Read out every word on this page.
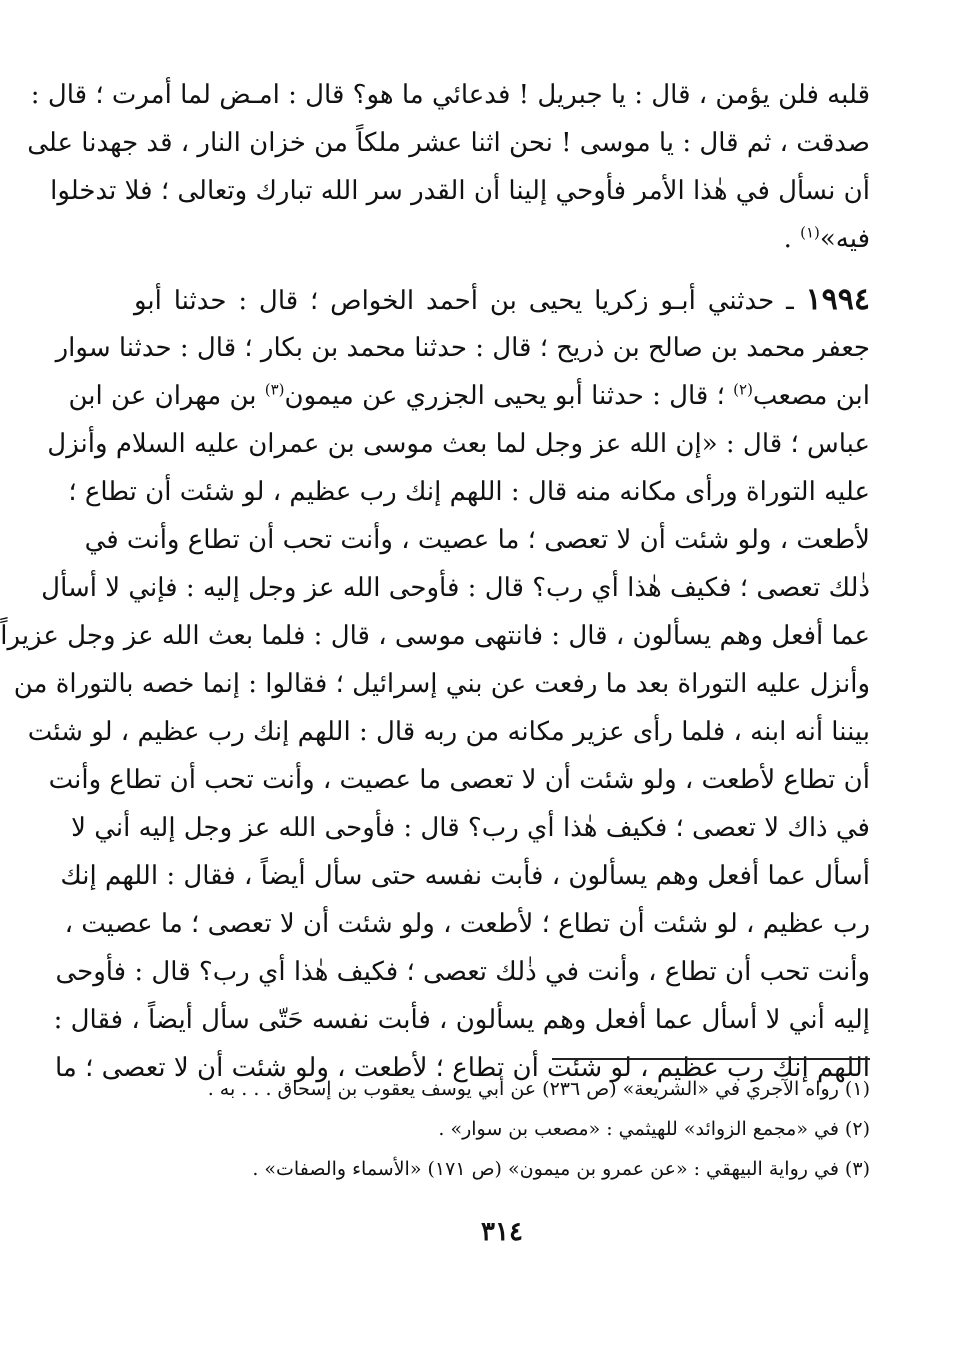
قلبه فلن يؤمن ، قال : يا جبريل ! فدعائي ما هو؟ قال : امـض لما أمرت ؛ قال :
صدقت ، ثم قال : يا موسى ! نحن اثنا عشر ملكاً من خزان النار ، قد جهدنا على
أن نسأل في هٰذا الأمر فأوحي إلينا أن القدر سر الله تبارك وتعالى ؛ فلا تدخلوا
فيه»$^{(١)}$ .
١٩٩٤ ـ حدثني أبـو زكريا يحيى بن أحمد الخواص ؛ قال : حدثنا أبو
جعفر محمد بن صالح بن ذريح ؛ قال : حدثنا محمد بن بكار ؛ قال : حدثنا سوار
ابن مصعب$^{(٢)}$ ؛ قال : حدثنا أبو يحيى الجزري عن ميمون$^{(٣)}$ بن مهران عن ابن
عباس ؛ قال : «إن الله عز وجل لما بعث موسى بن عمران عليه السلام وأنزل
عليه التوراة ورأى مكانه منه قال : اللهم إنك رب عظيم ، لو شئت أن تطاع ؛
لأطعت ، ولو شئت أن لا تعصى ؛ ما عصيت ، وأنت تحب أن تطاع وأنت في
ذٰلك تعصى ؛ فكيف هٰذا أي رب؟ قال : فأوحى الله عز وجل إليه : فإني لا أسأل
عما أفعل وهم يسألون ، قال : فانتهى موسى ، قال : فلما بعث الله عز وجل عزيراً
وأنزل عليه التوراة بعد ما رفعت عن بني إسرائيل ؛ فقالوا : إنما خصه بالتوراة من
بيننا أنه ابنه ، فلما رأى عزير مكانه من ربه قال : اللهم إنك رب عظيم ، لو شئت
أن تطاع لأطعت ، ولو شئت أن لا تعصى ما عصيت ، وأنت تحب أن تطاع وأنت
في ذاك لا تعصى ؛ فكيف هٰذا أي رب؟ قال : فأوحى الله عز وجل إليه أني لا
أسأل عما أفعل وهم يسألون ، فأبت نفسه حتى سأل أيضاً ، فقال : اللهم إنك
رب عظيم ، لو شئت أن تطاع ؛ لأطعت ، ولو شئت أن لا تعصى ؛ ما عصيت ،
وأنت تحب أن تطاع ، وأنت في ذٰلك تعصى ؛ فكيف هٰذا أي رب؟ قال : فأوحى
إليه أني لا أسأل عما أفعل وهم يسألون ، فأبت نفسه حَتّى سأل أيضاً ، فقال :
اللهم إنك رب عظيم ، لو شئت أن تطاع ؛ لأطعت ، ولو شئت أن لا تعصى ؛ ما
(١) رواه الآجري في «الشريعة» (ص ٢٣٦) عن أبي يوسف يعقوب بن إسحاق . . . به .
(٢) في «مجمع الزوائد» للهيثمي : «مصعب بن سوار» .
(٣) في رواية البيهقي : «عن عمرو بن ميمون» (ص ١٧١) «الأسماء والصفات» .
٣١٤
